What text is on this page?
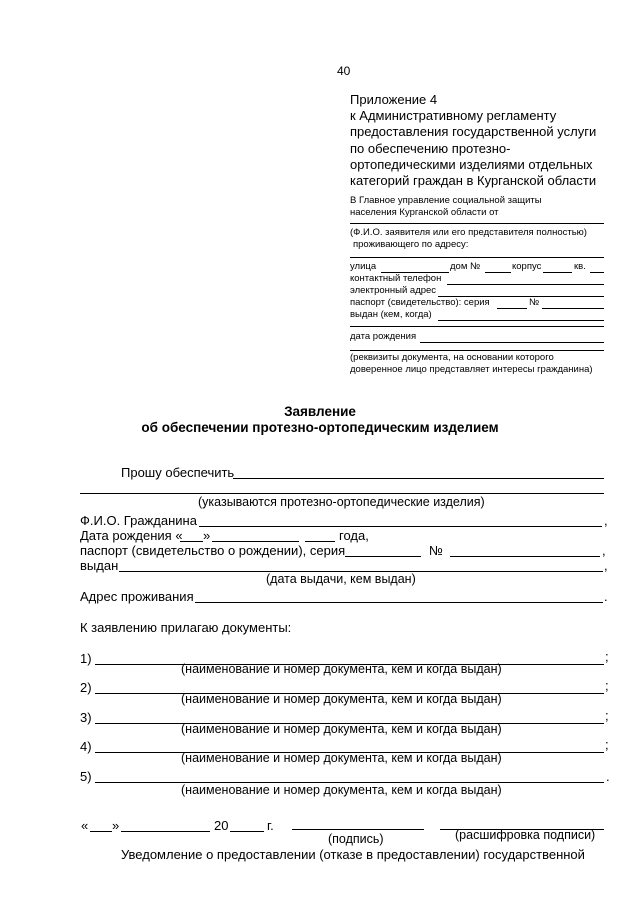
40
Приложение 4
к Административному регламенту
предоставления государственной услуги
по обеспечению протезно-
ортопедическими изделиями отдельных
категорий граждан в Курганской области
В Главное управление социальной защиты
населения Курганской области от
(Ф.И.О. заявителя или его представителя полностью)
проживающего по адресу:
улица	дом №	корпус	кв.
контактный телефон
электронный адрес
паспорт (свидетельство): серия	№
выдан (кем, когда)
дата рождения
(реквизиты документа, на основании которого
доверенное лицо представляет интересы гражданина)
Заявление
об обеспечении протезно-ортопедическим изделием
Прошу обеспечить
(указываются протезно-ортопедические изделия)
Ф.И.О. Гражданина	,
Дата рождения « »	года,
паспорт (свидетельство о рождении), серия	№	,
выдан	,
(дата выдачи, кем выдан)
Адрес проживания	.
К заявлению прилагаю документы:
1)	;
(наименование и номер документа, кем и когда выдан)
2)	;
(наименование и номер документа, кем и когда выдан)
3)	;
(наименование и номер документа, кем и когда выдан)
4)	;
(наименование и номер документа, кем и когда выдан)
5)	.
(наименование и номер документа, кем и когда выдан)
« »	20	г.
(подпись)	(расшифровка подписи)
Уведомление о предоставлении (отказе в предоставлении) государственной
